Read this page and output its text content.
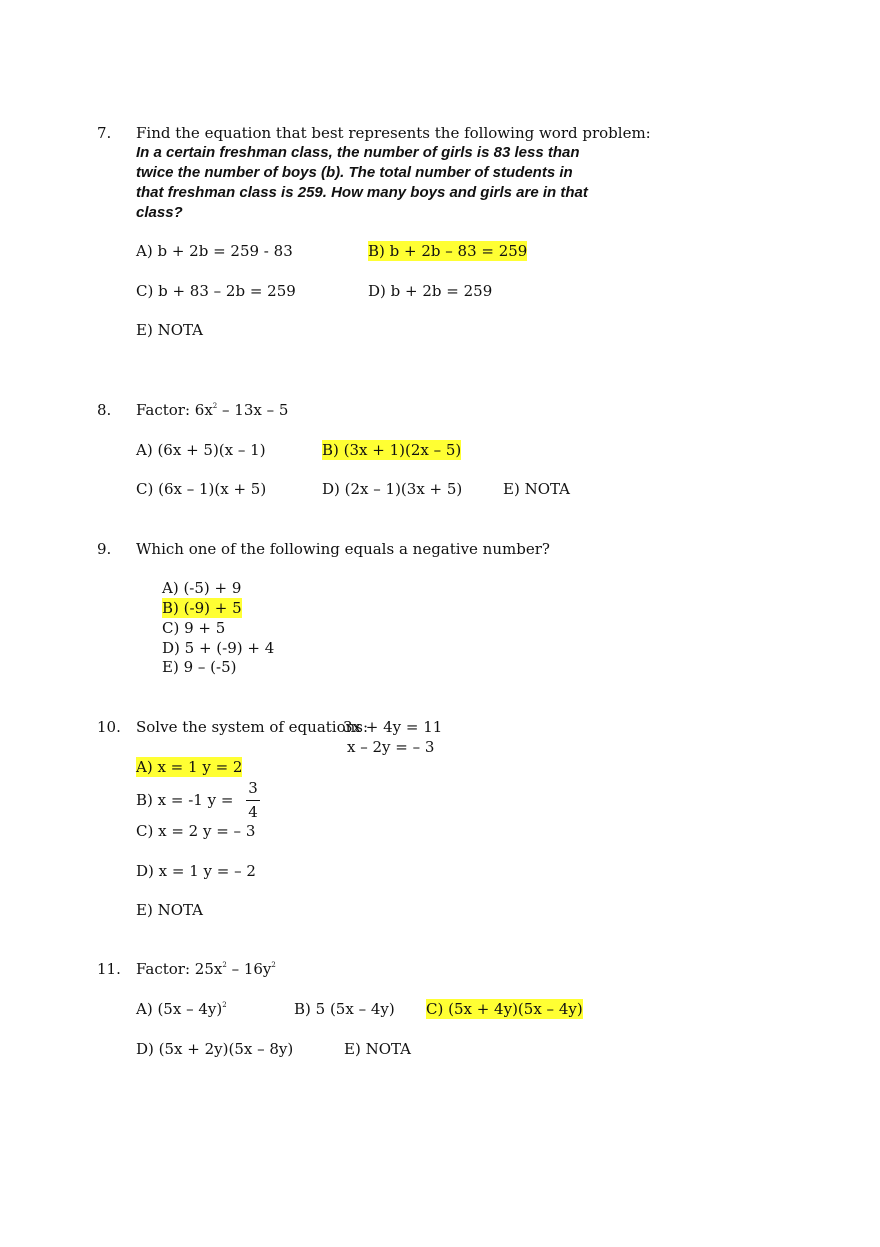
7. Find the equation that best represents the following word problem:
In a certain freshman class, the number of girls is 83 less than
twice the number of boys (b). The total number of students in
that freshman class is 259. How many boys and girls are in that
class?
A) b + 2b = 259 - 83	B) b + 2b – 83 = 259
C) b + 83 – 2b = 259	D) b + 2b = 259
E) NOTA
8. Factor: $6x^2 - 13x - 5$
A) (6x + 5)(x – 1)	B) (3x + 1)(2x – 5)
C) (6x – 1)(x + 5)	D) (2x – 1)(3x + 5)	E) NOTA
9. Which one of the following equals a negative number?
A) (-5) + 9
B) (-9) + 5
C) 9 + 5
D) 5 + (-9) + 4
E) 9 – (-5)
10. Solve the system of equations:
3x + 4y = 11
x – 2y = – 3
A) x = 1 y = 2
B) x = -1 y =
3
4
C) x = 2 y = – 3
D) x = 1 y = – 2
E) NOTA
11. Factor: $25x^2 - 16y^2$
A) (5x – 4y)$^2$	B) 5 (5x – 4y) C) (5x + 4y)(5x – 4y)
D) (5x + 2y)(5x – 8y)	E) NOTA
